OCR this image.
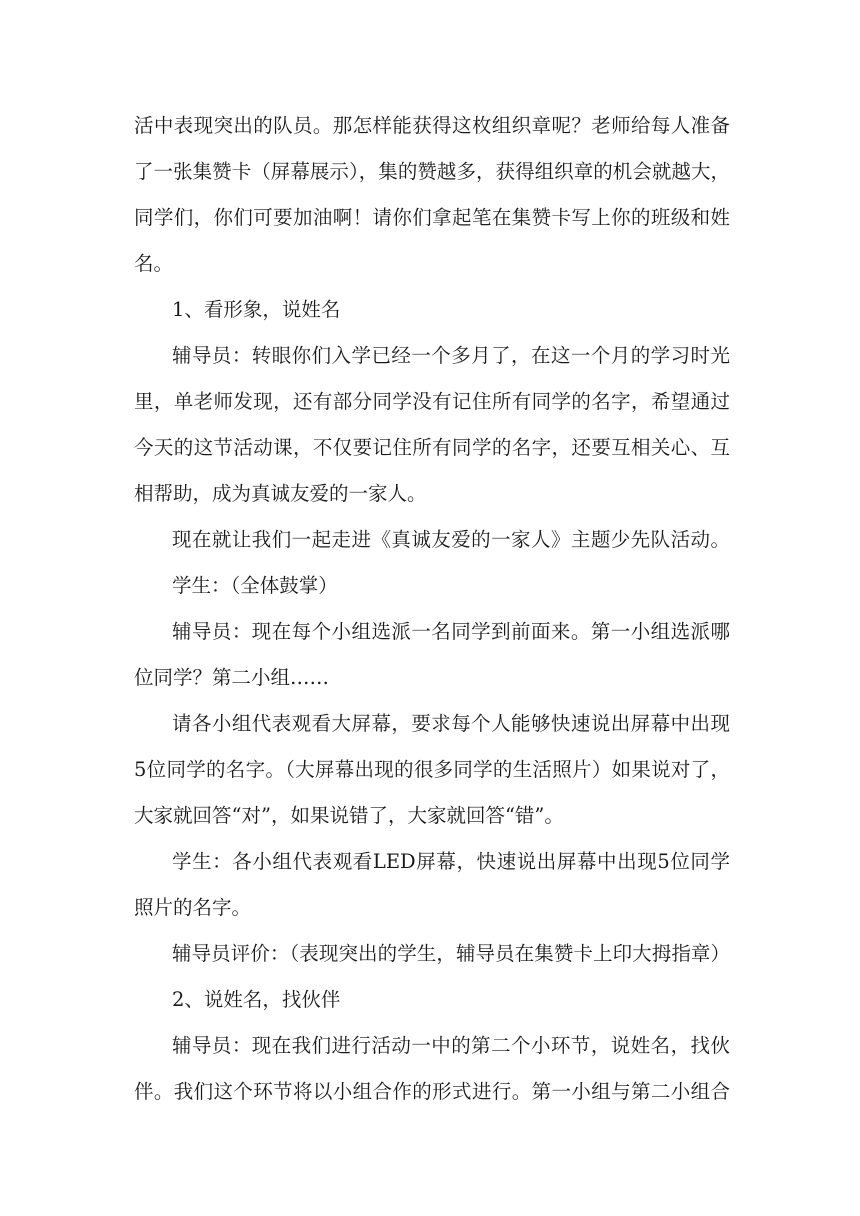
活中表现突出的队员。那怎样能获得这枚组织章呢？老师给每人准备
了一张集赞卡（屏幕展示），集的赞越多，获得组织章的机会就越大，
同学们，你们可要加油啊！请你们拿起笔在集赞卡写上你的班级和姓
名。
1、看形象，说姓名
辅导员：转眼你们入学已经一个多月了，在这一个月的学习时光
里，单老师发现，还有部分同学没有记住所有同学的名字，希望通过
今天的这节活动课，不仅要记住所有同学的名字，还要互相关心、互
相帮助，成为真诚友爱的一家人。
现在就让我们一起走进《真诚友爱的一家人》主题少先队活动。
学生：（全体鼓掌）
辅导员：现在每个小组选派一名同学到前面来。第一小组选派哪
位同学？第二小组……
请各小组代表观看大屏幕，要求每个人能够快速说出屏幕中出现
5位同学的名字。（大屏幕出现的很多同学的生活照片）如果说对了，
大家就回答“对”，如果说错了，大家就回答“错”。
学生：各小组代表观看LED屏幕，快速说出屏幕中出现5位同学
照片的名字。
辅导员评价：（表现突出的学生，辅导员在集赞卡上印大拇指章）
2、说姓名，找伙伴
辅导员：现在我们进行活动一中的第二个小环节，说姓名，找伙
伴。我们这个环节将以小组合作的形式进行。第一小组与第二小组合
